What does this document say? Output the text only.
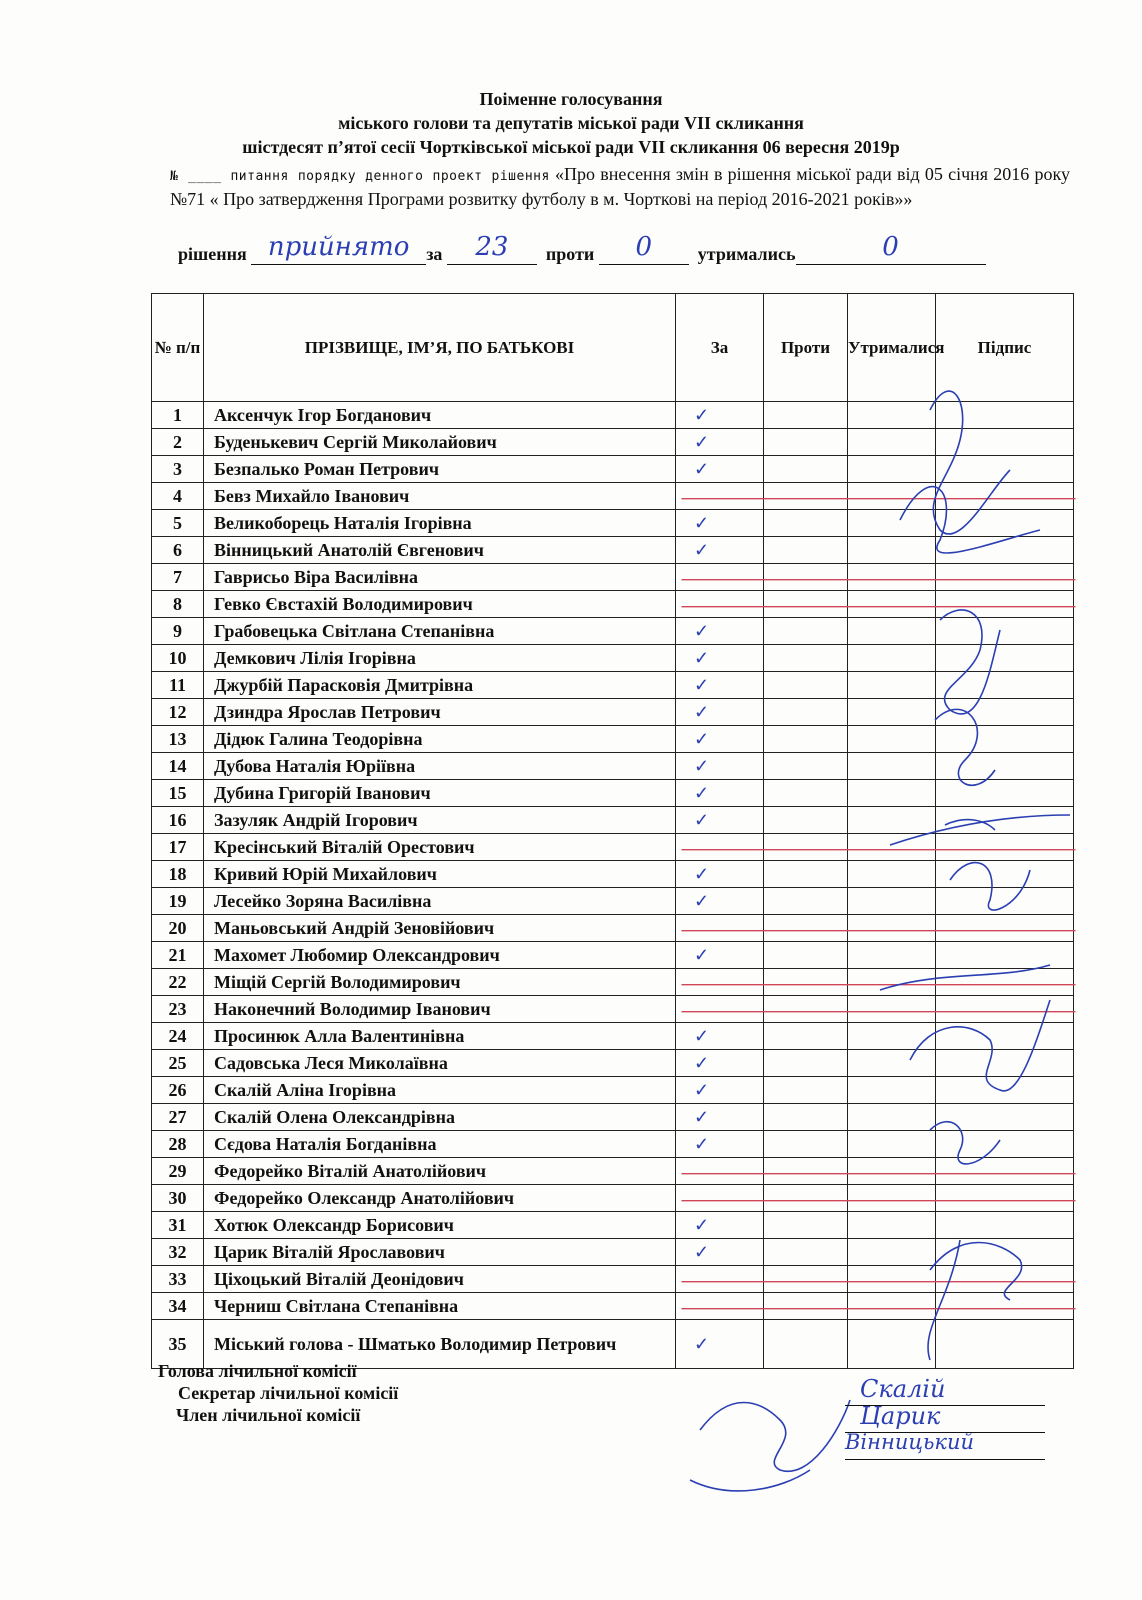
Поіменне голосування
міського голови та депутатів міської ради VII скликання
шістдесят п’ятої сесії Чортківської міської ради VII скликання 06 вересня 2019р
№ ____ питання порядку денного проект рішення «Про внесення змін в рішення міської ради від 05 січня 2016 року №71 « Про затвердження Програми розвитку футболу в м. Чорткові на період 2016-2021 років»»
рішення прийнято за	23	проти	0	утримались	0
№ п/п	ПРІЗВИЩЕ, ІМ’Я, ПО БАТЬКОВІ	За	Проти	Утрималися	Підпис
1	Аксенчук Ігор Богданович	✓			
2	Буденькевич Сергій Миколайович	✓			
3	Безпалько Роман Петрович	✓			
4	Бевз Михайло Іванович				
5	Великоборець Наталія Ігорівна	✓			
6	Вінницький Анатолій Євгенович	✓			
7	Гаврисьо Віра Василівна				
8	Гевко Євстахій Володимирович				
9	Грабовецька Світлана Степанівна	✓			
10	Демкович Лілія Ігорівна	✓			
11	Джурбій Парасковія Дмитрівна	✓			
12	Дзиндра Ярослав Петрович	✓			
13	Дідюк Галина Теодорівна	✓			
14	Дубова Наталія Юріївна	✓			
15	Дубина Григорій Іванович	✓			
16	Зазуляк Андрій Ігорович	✓			
17	Кресінський Віталій Орестович				
18	Кривий Юрій Михайлович	✓			
19	Лесейко Зоряна Василівна	✓			
20	Маньовський Андрій Зеновійович				
21	Махомет Любомир Олександрович	✓			
22	Міщій Сергій Володимирович				
23	Наконечний Володимир Іванович				
24	Просинюк Алла Валентинівна	✓			
25	Садовська Леся Миколаївна	✓			
26	Скалій Аліна Ігорівна	✓			
27	Скалій Олена Олександрівна	✓			
28	Сєдова Наталія Богданівна	✓			
29	Федорейко Віталій Анатолійович				
30	Федорейко Олександр Анатолійович				
31	Хотюк Олександр Борисович	✓			
32	Царик Віталій Ярославович	✓			
33	Ціхоцький Віталій Деонідович				
34	Черниш Світлана Степанівна				
35	Міський голова - Шматько Володимир Петрович	✓			
Голова лічильної комісії
Секретар лічильної комісії
Член лічильної комісії
Скалій
Царик
Вінницький
